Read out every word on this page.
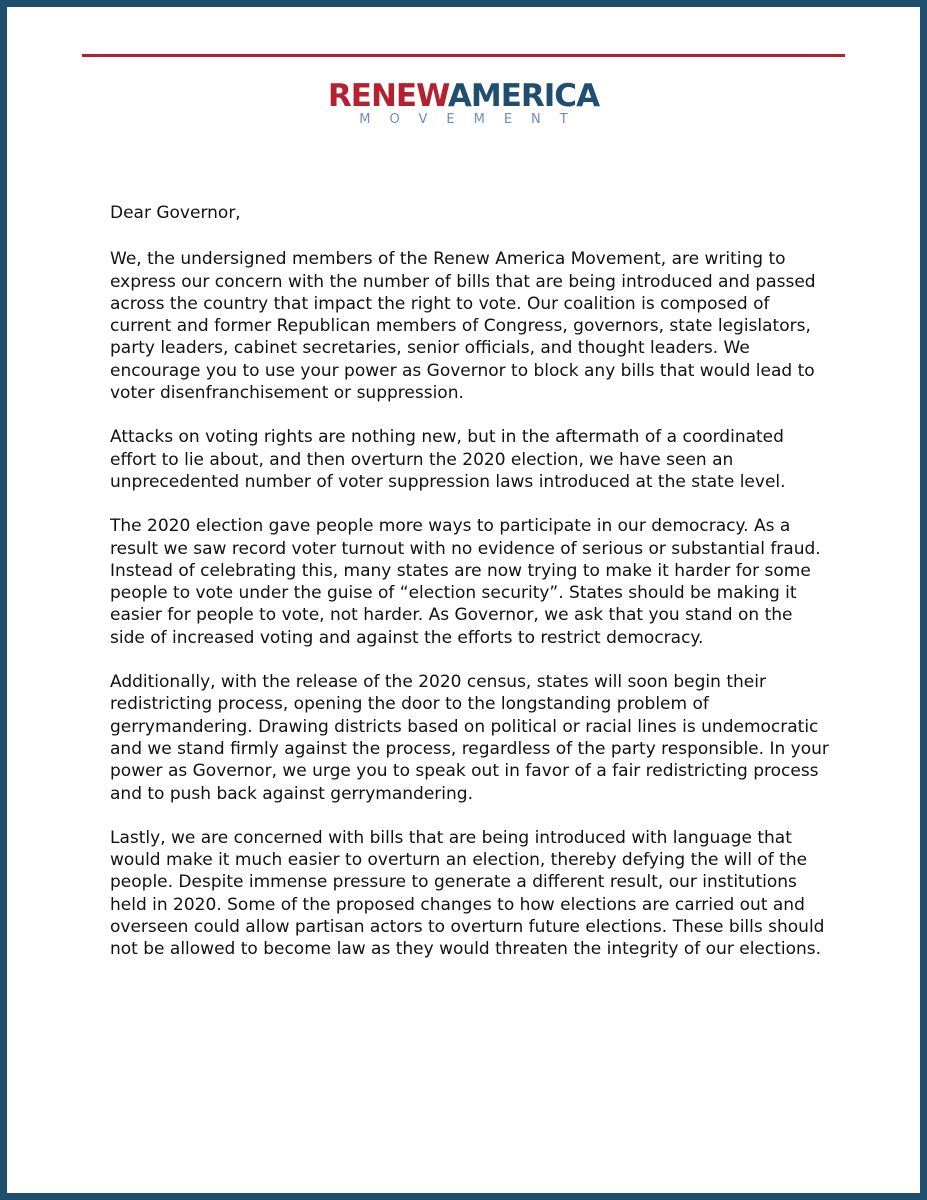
RENEWAMERICA
MOVEMENT

Dear Governor,

We, the undersigned members of the Renew America Movement, are writing to express our concern with the number of bills that are being introduced and passed across the country that impact the right to vote. Our coalition is composed of current and former Republican members of Congress, governors, state legislators, party leaders, cabinet secretaries, senior officials, and thought leaders. We encourage you to use your power as Governor to block any bills that would lead to voter disenfranchisement or suppression.

Attacks on voting rights are nothing new, but in the aftermath of a coordinated effort to lie about, and then overturn the 2020 election, we have seen an unprecedented number of voter suppression laws introduced at the state level.

The 2020 election gave people more ways to participate in our democracy. As a result we saw record voter turnout with no evidence of serious or substantial fraud. Instead of celebrating this, many states are now trying to make it harder for some people to vote under the guise of “election security”. States should be making it easier for people to vote, not harder. As Governor, we ask that you stand on the side of increased voting and against the efforts to restrict democracy.

Additionally, with the release of the 2020 census, states will soon begin their redistricting process, opening the door to the longstanding problem of gerrymandering. Drawing districts based on political or racial lines is undemocratic and we stand firmly against the process, regardless of the party responsible. In your power as Governor, we urge you to speak out in favor of a fair redistricting process and to push back against gerrymandering.

Lastly, we are concerned with bills that are being introduced with language that would make it much easier to overturn an election, thereby defying the will of the people. Despite immense pressure to generate a different result, our institutions held in 2020. Some of the proposed changes to how elections are carried out and overseen could allow partisan actors to overturn future elections. These bills should not be allowed to become law as they would threaten the integrity of our elections.
